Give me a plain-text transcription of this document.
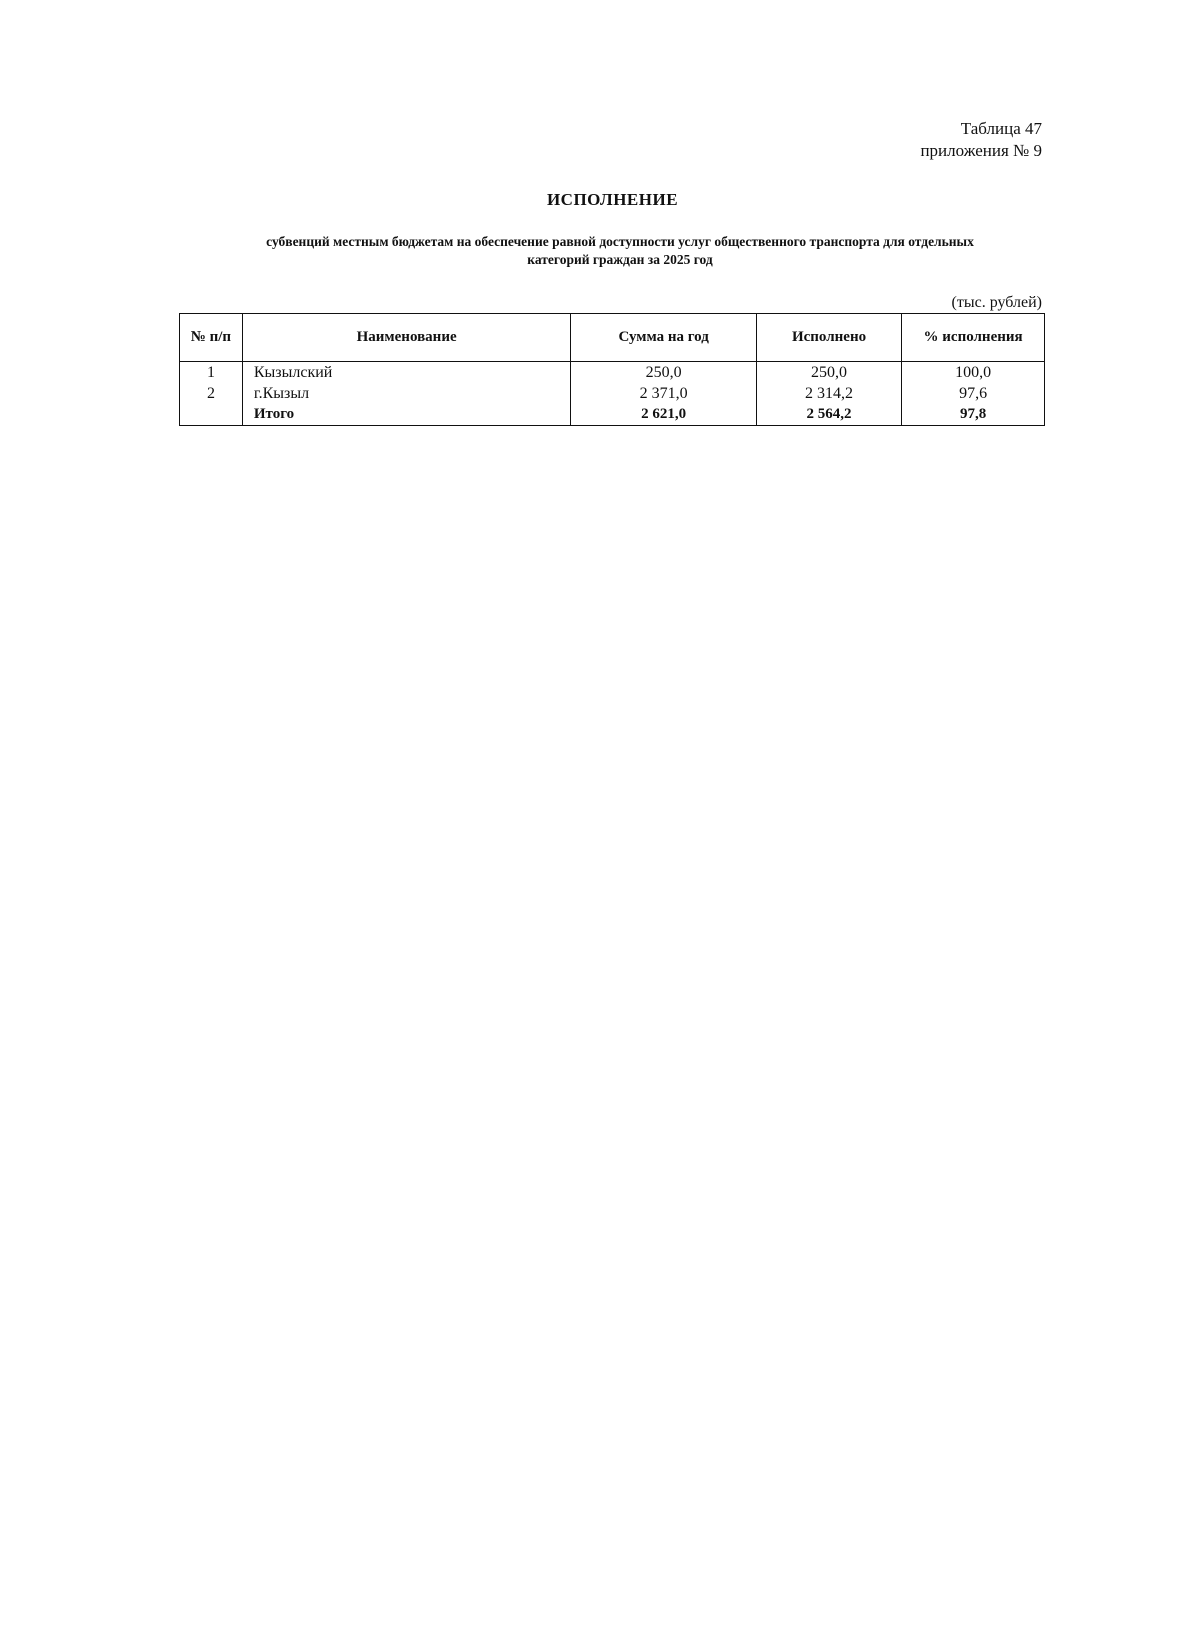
Таблица 47
приложения № 9
ИСПОЛНЕНИЕ
субвенций местным бюджетам на обеспечение равной доступности услуг общественного транспорта для отдельных
категорий граждан за 2025 год
(тыс. рублей)
№ п/п	Наименование	Сумма на год	Исполнено	% исполнения
1	Кызылский	250,0	250,0	100,0
2	г.Кызыл	2 371,0	2 314,2	97,6
	Итого	2 621,0	2 564,2	97,8
